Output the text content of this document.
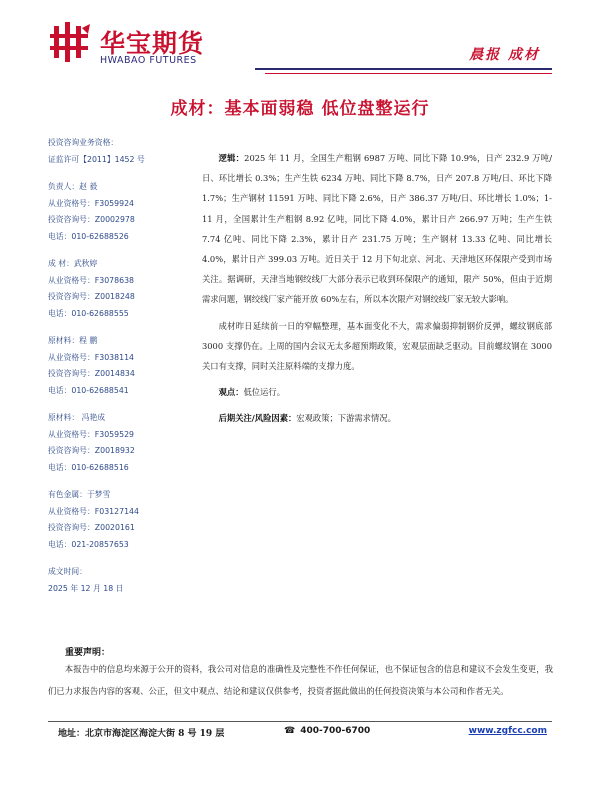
华宝期货
HWABAO FUTURES	晨报 成材
成材：基本面弱稳 低位盘整运行

投资咨询业务资格：

证监许可【2011】1452 号

负责人：赵 毅

从业资格号：F3059924

投资咨询号：Z0002978

电话：010-62688526

成 材：武秋婷

从业资格号：F3078638

投资咨询号：Z0018248

电话：010-62688555

原材料：程 鹏

从业资格号：F3038114

投资咨询号：Z0014834

电话：010-62688541

原材料： 冯艳成

从业资格号：F3059529

投资咨询号：Z0018932

电话：010-62688516

有色金属：于梦雪

从业资格号：F03127144

投资咨询号：Z0020161

电话：021-20857653

成文时间：

2025 年 12 月 18 日

逻辑：2025 年 11 月，全国生产粗钢 6987 万吨、同比下降 10.9%，日产 232.9 万吨/日、环比增长 0.3%；生产生铁 6234 万吨、同比下降 8.7%，日产 207.8 万吨/日、环比下降 1.7%；生产钢材 11591 万吨、同比下降 2.6%，日产 386.37 万吨/日、环比增长 1.0%；1-11 月，全国累计生产粗钢 8.92 亿吨，同比下降 4.0%，累计日产 266.97 万吨；生产生铁 7.74 亿吨、同比下降 2.3%，累计日产 231.75 万吨；生产钢材 13.33 亿吨、同比增长 4.0%，累计日产 399.03 万吨。近日关于 12 月下旬北京、河北、天津地区环保限产受到市场关注。据调研，天津当地钢绞线厂大部分表示已收到环保限产的通知，限产 50%，但由于近期需求问题，钢绞线厂家产能开放 60%左右，所以本次限产对钢绞线厂家无较大影响。

成材昨日延续前一日的窄幅整理，基本面变化不大，需求偏弱抑制钢价反弹，螺纹钢底部 3000 支撑仍在。上周的国内会议无太多超预期政策，宏观层面缺乏驱动。目前螺纹钢在 3000 关口有支撑，同时关注原料端的支撑力度。

观点：低位运行。

后期关注/风险因素：宏观政策；下游需求情况。

重要声明：

本报告中的信息均来源于公开的资料，我公司对信息的准确性及完整性不作任何保证，也不保证包含的信息和建议不会发生变更，我们已力求报告内容的客观、公正，但文中观点、结论和建议仅供参考，投资者据此做出的任何投资决策与本公司和作者无关。

地址：北京市海淀区海淀大街 8 号 19 层	☎ 400-700-6700	www.zgfcc.com
